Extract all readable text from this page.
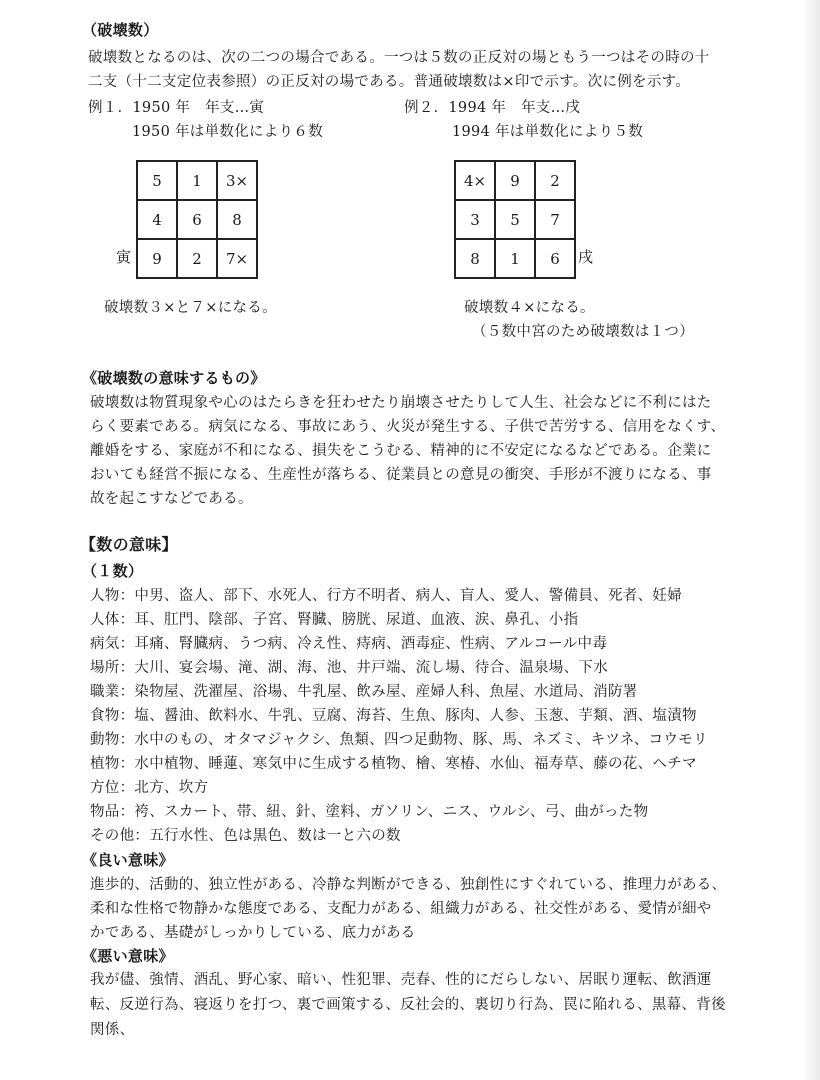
（破壊数）
破壊数となるのは、次の二つの場合である。一つは５数の正反対の場ともう一つはその時の十
二支（十二支定位表参照）の正反対の場である。普通破壊数は×印で示す。次に例を示す。
例１．1950 年　年支…寅
1950 年は単数化により６数
例２．1994 年　年支…戌
1994 年は単数化により５数
5	1	3×
4	6	8
9	2	7×
寅
4×	9	2
3	5	7
8	1	6 戌
破壊数３×と７×になる。	破壊数４×になる。
（５数中宮のため破壊数は１つ）
《破壊数の意味するもの》
破壊数は物質現象や心のはたらきを狂わせたり崩壊させたりして人生、社会などに不利にはた
らく要素である。病気になる、事故にあう、火災が発生する、子供で苦労する、信用をなくす、
離婚をする、家庭が不和になる、損失をこうむる、精神的に不安定になるなどである。企業に
おいても経営不振になる、生産性が落ちる、従業員との意見の衝突、手形が不渡りになる、事
故を起こすなどである。
【数の意味】
（１数）
人物：中男、盗人、部下、水死人、行方不明者、病人、盲人、愛人、警備員、死者、妊婦
人体：耳、肛門、陰部、子宮、腎臓、膀胱、尿道、血液、涙、鼻孔、小指
病気：耳痛、腎臓病、うつ病、冷え性、痔病、酒毒症、性病、アルコール中毒
場所：大川、宴会場、滝、湖、海、池、井戸端、流し場、待合、温泉場、下水
職業：染物屋、洗濯屋、浴場、牛乳屋、飲み屋、産婦人科、魚屋、水道局、消防署
食物：塩、醤油、飲料水、牛乳、豆腐、海苔、生魚、豚肉、人参、玉葱、芋類、酒、塩漬物
動物：水中のもの、オタマジャクシ、魚類、四つ足動物、豚、馬、ネズミ、キツネ、コウモリ
植物：水中植物、睡蓮、寒気中に生成する植物、檜、寒椿、水仙、福寿草、藤の花、ヘチマ
方位：北方、坎方
物品：袴、スカート、帯、紐、針、塗料、ガソリン、ニス、ウルシ、弓、曲がった物
その他：五行水性、色は黒色、数は一と六の数
《良い意味》
進歩的、活動的、独立性がある、冷静な判断ができる、独創性にすぐれている、推理力がある、
柔和な性格で物静かな態度である、支配力がある、組織力がある、社交性がある、愛情が細や
かである、基礎がしっかりしている、底力がある
《悪い意味》
我が儘、強情、酒乱、野心家、暗い、性犯罪、売春、性的にだらしない、居眠り運転、飲酒運
転、反逆行為、寝返りを打つ、裏で画策する、反社会的、裏切り行為、罠に陥れる、黒幕、背後
関係、
